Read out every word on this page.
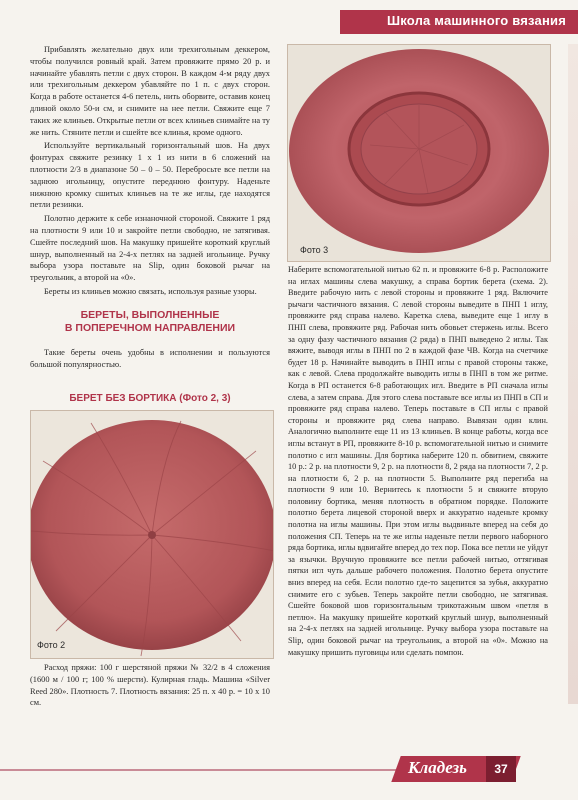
Школа машинного вязания

Прибавлять желательно двух или трехигольным деккером, чтобы получился ровный край. Затем провяжите прямо 20 р. и начинайте убавлять петли с двух сторон. В каждом 4-м ряду двух или трехигольным деккером убавляйте по 1 п. с двух сторон. Когда в работе останется 4-6 петель, нить оборвите, оставив конец длиной около 50-и см, и снимите на нее петли. Свяжите еще 7 таких же клиньев. Открытые петли от всех клиньев снимайте на ту же нить. Стяните петли и сшейте все клинья, кроме одного.

Используйте вертикальный горизонтальный шов. На двух фонтурах свяжите резинку 1 х 1 из нити в 6 сложений на плотности 2/3 в диапазоне 50 – 0 – 50. Перебросьте все петли на заднюю игольницу, опустите переднюю фонтуру. Наденьте нижнюю кромку сшитых клиньев на те же иглы, где находятся петли резинки.

Полотно держите к себе изнаночной стороной. Свяжите 1 ряд на плотности 9 или 10 и закройте петли свободно, не затягивая. Сшейте последний шов. На макушку пришейте короткий круглый шнур, выполненный на 2-4-х петлях на задней игольнице. Ручку выбора узора поставьте на Slip, один боковой рычаг на треугольник, а второй на «0».

Береты из клиньев можно связать, используя разные узоры.

БЕРЕТЫ, ВЫПОЛНЕННЫЕ
В ПОПЕРЕЧНОМ НАПРАВЛЕНИИ

Такие береты очень удобны в исполнении и пользуются большой популярностью.

БЕРЕТ БЕЗ БОРТИКА (Фото 2, 3)
Фото 2

Расход пряжи: 100 г шерстяной пряжи № 32/2 в 4 сложения (1600 м / 100 г; 100 % шерсти). Кулирная гладь. Машина «Silver Reed 280». Плотность 7. Плотность вязания: 25 п. х 40 р. = 10 х 10 см.

Фото 3

Наберите вспомогательной нитью 62 п. и провяжите 6-8 р. Расположите на иглах машины слева макушку, а справа бортик берета (схема. 2). Введите рабочую нить с левой стороны и провяжите 1 ряд. Включите рычаги частичного вязания. С левой стороны выведите в ПНП 1 иглу, провяжите ряд справа налево. Каретка слева, выведите еще 1 иглу в ПНП слева, провяжите ряд. Рабочая нить обовьет стержень иглы. Всего за одну фазу частичного вязания (2 ряда) в ПНП выведено 2 иглы. Так вяжите, выводя иглы в ПНП по 2 в каждой фазе ЧВ. Когда на счетчике будет 18 р. Начинайте выводить в ПНП иглы с правой стороны также, как с левой. Слева продолжайте выводить иглы в ПНП в том же ритме. Когда в РП останется 6-8 работающих игл. Введите в РП сначала иглы слева, а затем справа. Для этого слева поставьте все иглы из ПНП в СП и провяжите ряд справа налево. Теперь поставьте в СП иглы с правой стороны и провяжите ряд слева направо. Вывязан один клин. Аналогично выполните еще 11 из 13 клиньев. В конце работы, когда все иглы встанут в РП, провяжите 8-10 р. вспомогательной нитью и снимите полотно с игл машины. Для бортика наберите 120 п. обвитием, свяжите 10 р.: 2 р. на плотности 9, 2 р. на плотности 8, 2 ряда на плотности 7, 2 р. на плотности 6, 2 р. на плотности 5. Выполните ряд перегиба на плотности 9 или 10. Вернитесь к плотности 5 и свяжите вторую половину бортика, меняя плотность в обратном порядке. Положите полотно берета лицевой стороной вверх и аккуратно наденьте кромку полотна на иглы машины. При этом иглы выдвиньте вперед на себя до положения СП. Теперь на те же иглы наденьте петли первого наборного ряда бортика, иглы вдвигайте вперед до тех пор. Пока все петли не уйдут за язычки. Вручную провяжите все петли рабочей нитью, оттягивая пятки игл чуть дальше рабочего положения. Полотно берета опустите вниз вперед на себя. Если полотно где-то зацепится за зубья, аккуратно снимите его с зубьев. Теперь закройте петли свободно, не затягивая. Сшейте боковой шов горизонтальным трикотажным швом «петля в петлю». На макушку пришейте короткий круглый шнур, выполненный на 2-4-х петлях на задней игольнице. Ручку выбора узора поставьте на Slip, один боковой рычаг на треугольник, а второй на «0». Можно на макушку пришить пуговицы или сделать помпон.

Кладезь	37
